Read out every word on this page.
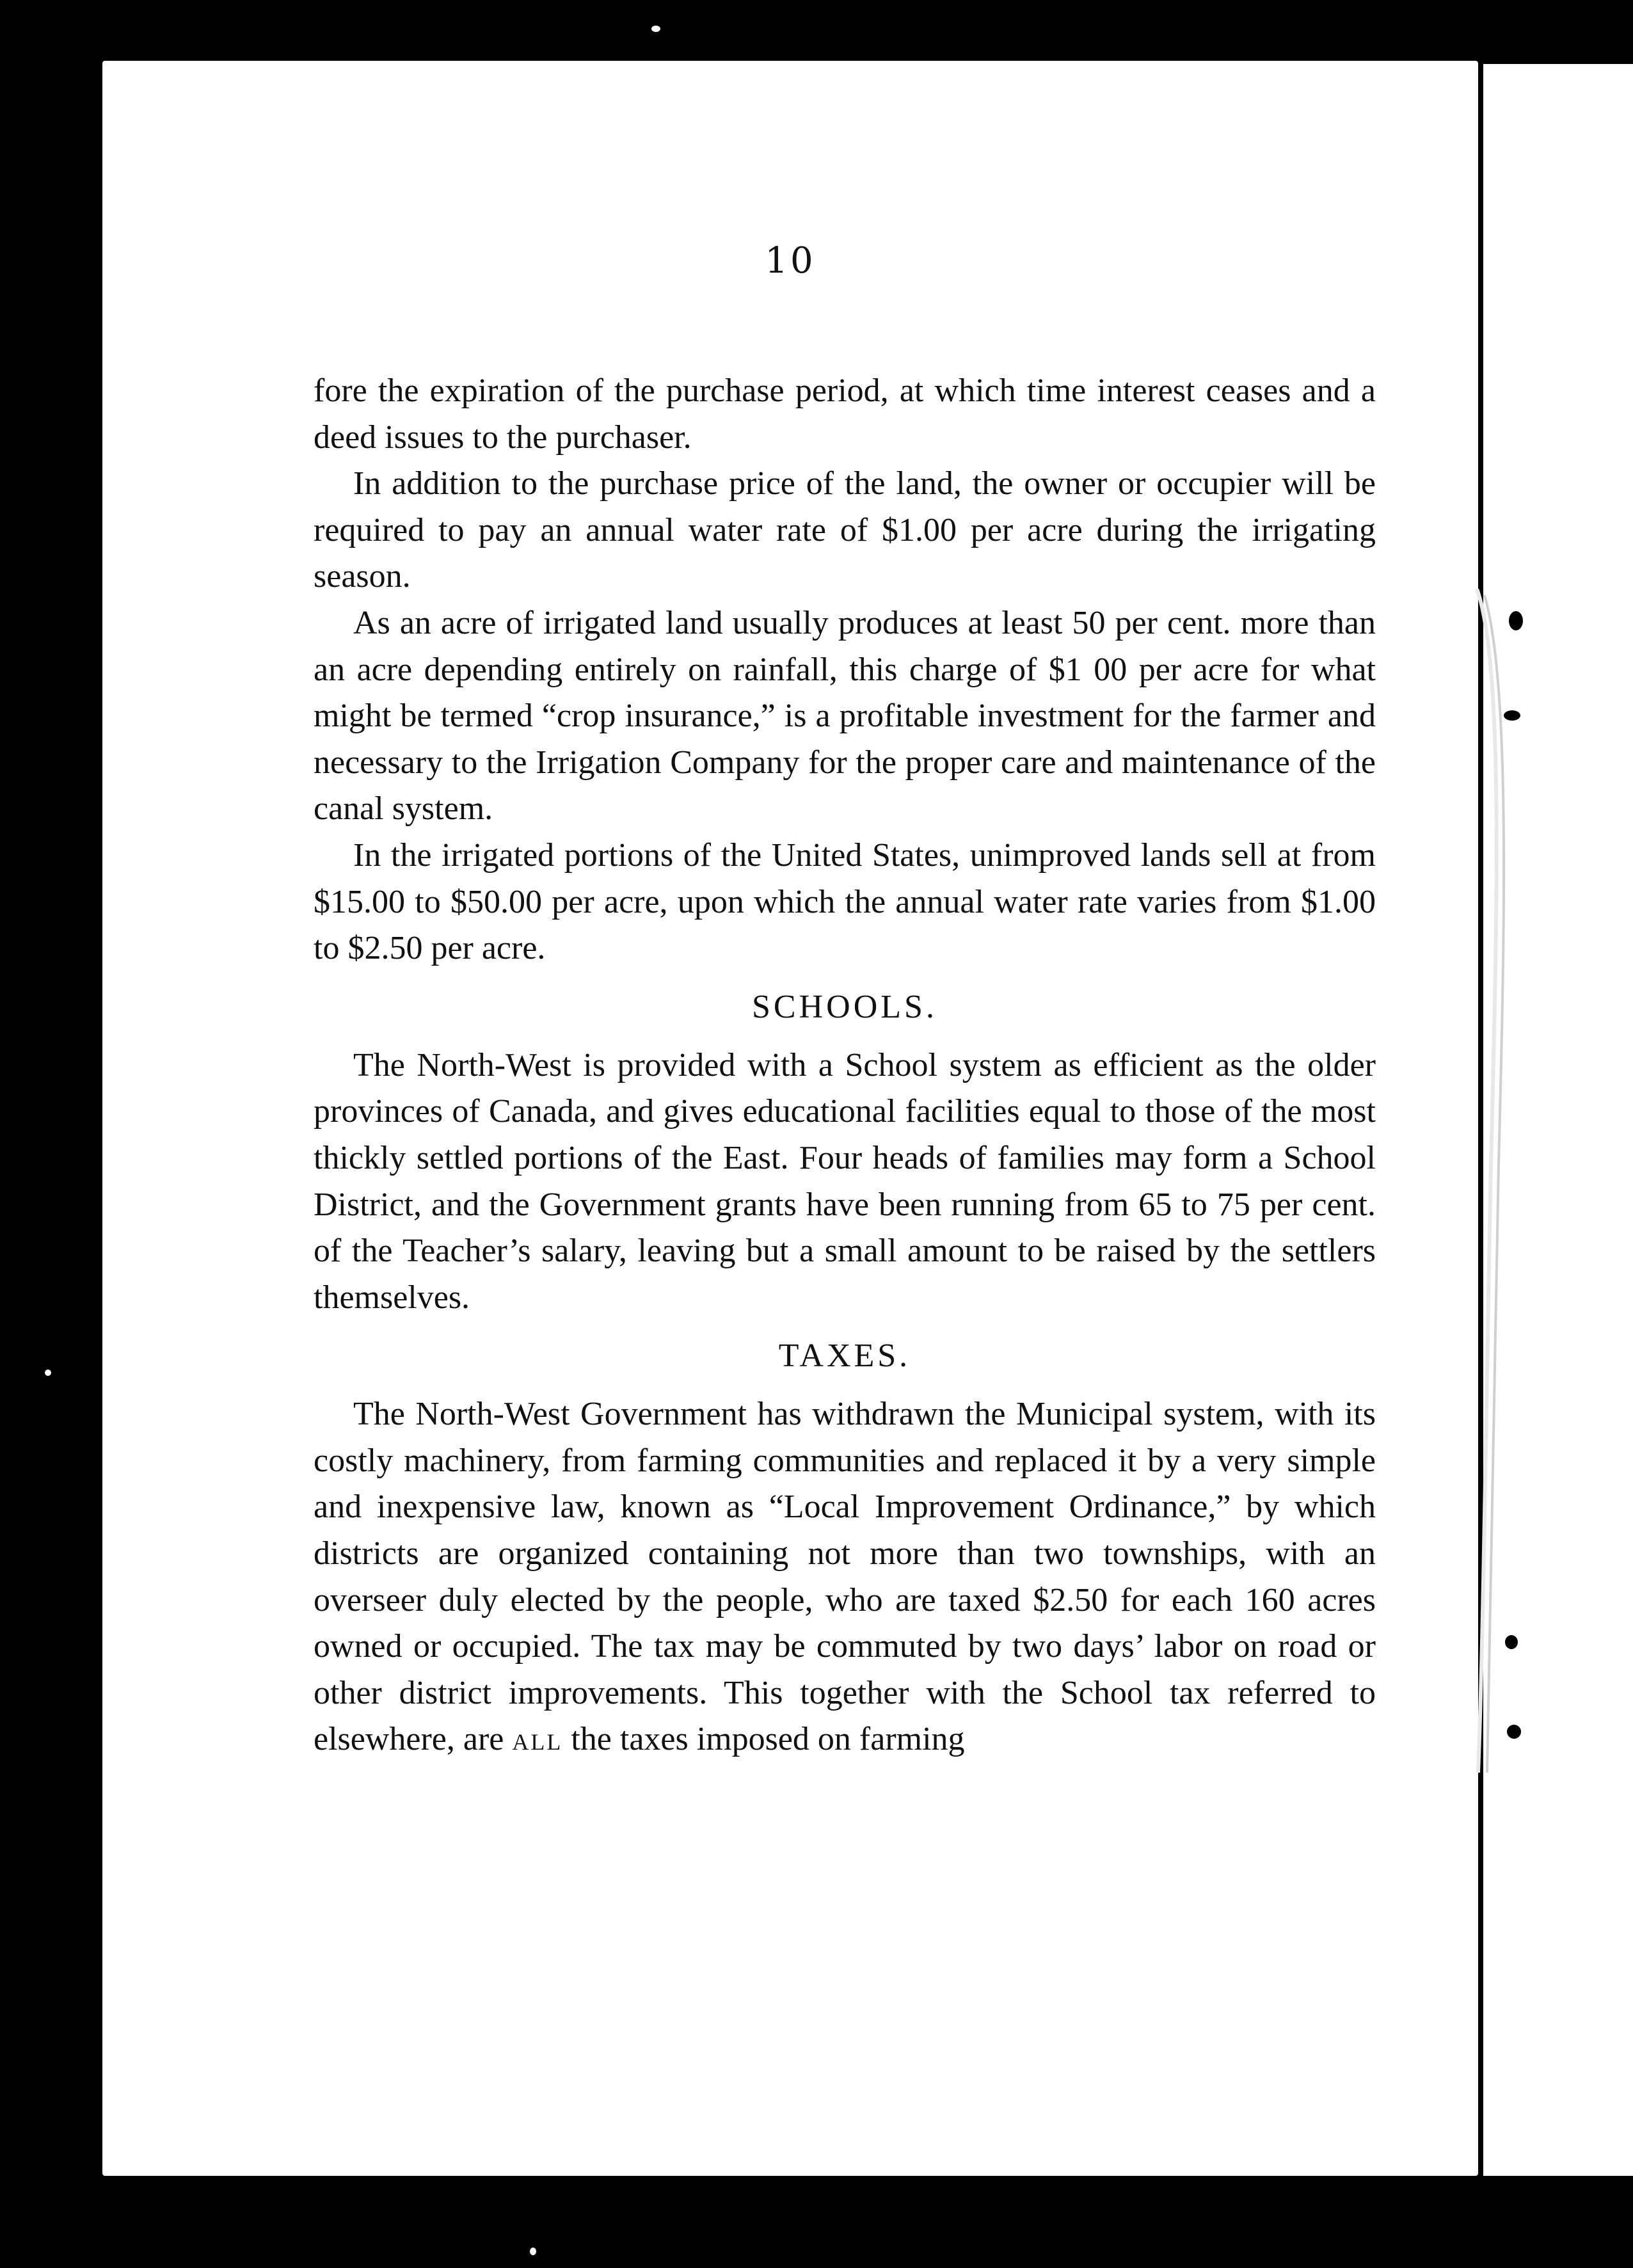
10

fore the expiration of the purchase period, at which time interest ceases and a deed issues to the purchaser.

In addition to the purchase price of the land, the owner or occupier will be required to pay an annual water rate of $1.00 per acre during the irrigating season.

As an acre of irrigated land usually produces at least 50 per cent. more than an acre depending entirely on rainfall, this charge of $1 00 per acre for what might be termed “crop insurance,” is a profitable investment for the farmer and necessary to the Irrigation Company for the proper care and maintenance of the canal system.

In the irrigated portions of the United States, unimproved lands sell at from $15.00 to $50.00 per acre, upon which the annual water rate varies from $1.00 to $2.50 per acre.

SCHOOLS.

The North-West is provided with a School system as efficient as the older provinces of Canada, and gives educational facilities equal to those of the most thickly settled portions of the East. Four heads of families may form a School District, and the Government grants have been running from 65 to 75 per cent. of the Teacher’s salary, leaving but a small amount to be raised by the settlers themselves.

TAXES.

The North-West Government has withdrawn the Municipal system, with its costly machinery, from farming communities and replaced it by a very simple and inexpensive law, known as “Local Improvement Ordinance,” by which districts are organized containing not more than two townships, with an overseer duly elected by the people, who are taxed $2.50 for each 160 acres owned or occupied. The tax may be commuted by two days’ labor on road or other district improvements. This together with the School tax referred to elsewhere, are all the taxes imposed on farming
